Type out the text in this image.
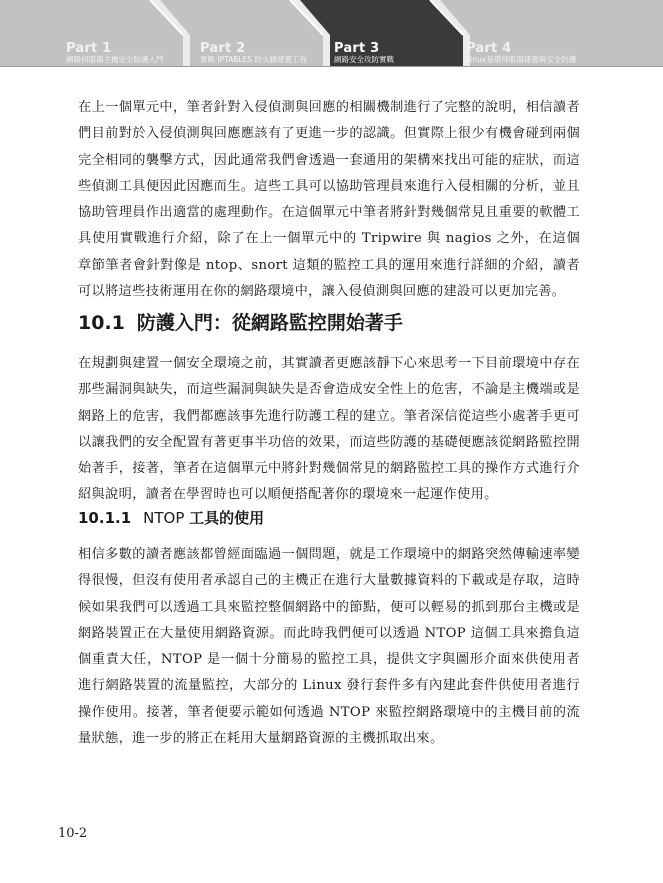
Part 1
網路伺服器主機安全防護入門
Part 2
實戰 IPTABLES 防火牆建置工程
Part 3
網路安全攻防實戰
Part 4
Linux基礎伺服器建置與安全防護

在上一個單元中，筆者針對入侵偵測與回應的相關機制進行了完整的說明，相信讀者們目前對於入侵偵測與回應應該有了更進一步的認識。但實際上很少有機會碰到兩個完全相同的襲擊方式，因此通常我們會透過一套通用的架構來找出可能的症狀，而這些偵測工具便因此因應而生。這些工具可以協助管理員來進行入侵相關的分析，並且協助管理員作出適當的處理動作。在這個單元中筆者將針對幾個常見且重要的軟體工具使用實戰進行介紹，除了在上一個單元中的 Tripwire 與 nagios 之外，在這個章節筆者會針對像是 ntop、snort 這類的監控工具的運用來進行詳細的介紹，讀者可以將這些技術運用在你的網路環境中，讓入侵偵測與回應的建設可以更加完善。

10.1 防護入門：從網路監控開始著手

在規劃與建置一個安全環境之前，其實讀者更應該靜下心來思考一下目前環境中存在那些漏洞與缺失，而這些漏洞與缺失是否會造成安全性上的危害，不論是主機端或是網路上的危害，我們都應該事先進行防護工程的建立。筆者深信從這些小處著手更可以讓我們的安全配置有著更事半功倍的效果，而這些防護的基礎便應該從網路監控開始著手，接著，筆者在這個單元中將針對幾個常見的網路監控工具的操作方式進行介紹與說明，讀者在學習時也可以順便搭配著你的環境來一起運作使用。

10.1.1 NTOP 工具的使用

相信多數的讀者應該都曾經面臨過一個問題，就是工作環境中的網路突然傳輸速率變得很慢，但沒有使用者承認自己的主機正在進行大量數據資料的下載或是存取，這時候如果我們可以透過工具來監控整個網路中的節點，便可以輕易的抓到那台主機或是網路裝置正在大量使用網路資源。而此時我們便可以透過 NTOP 這個工具來擔負這個重責大任，NTOP 是一個十分簡易的監控工具，提供文字與圖形介面來供使用者進行網路裝置的流量監控，大部分的 Linux 發行套件多有內建此套件供使用者進行操作使用。接著，筆者便要示範如何透過 NTOP 來監控網路環境中的主機目前的流量狀態，進一步的將正在耗用大量網路資源的主機抓取出來。

10-2
